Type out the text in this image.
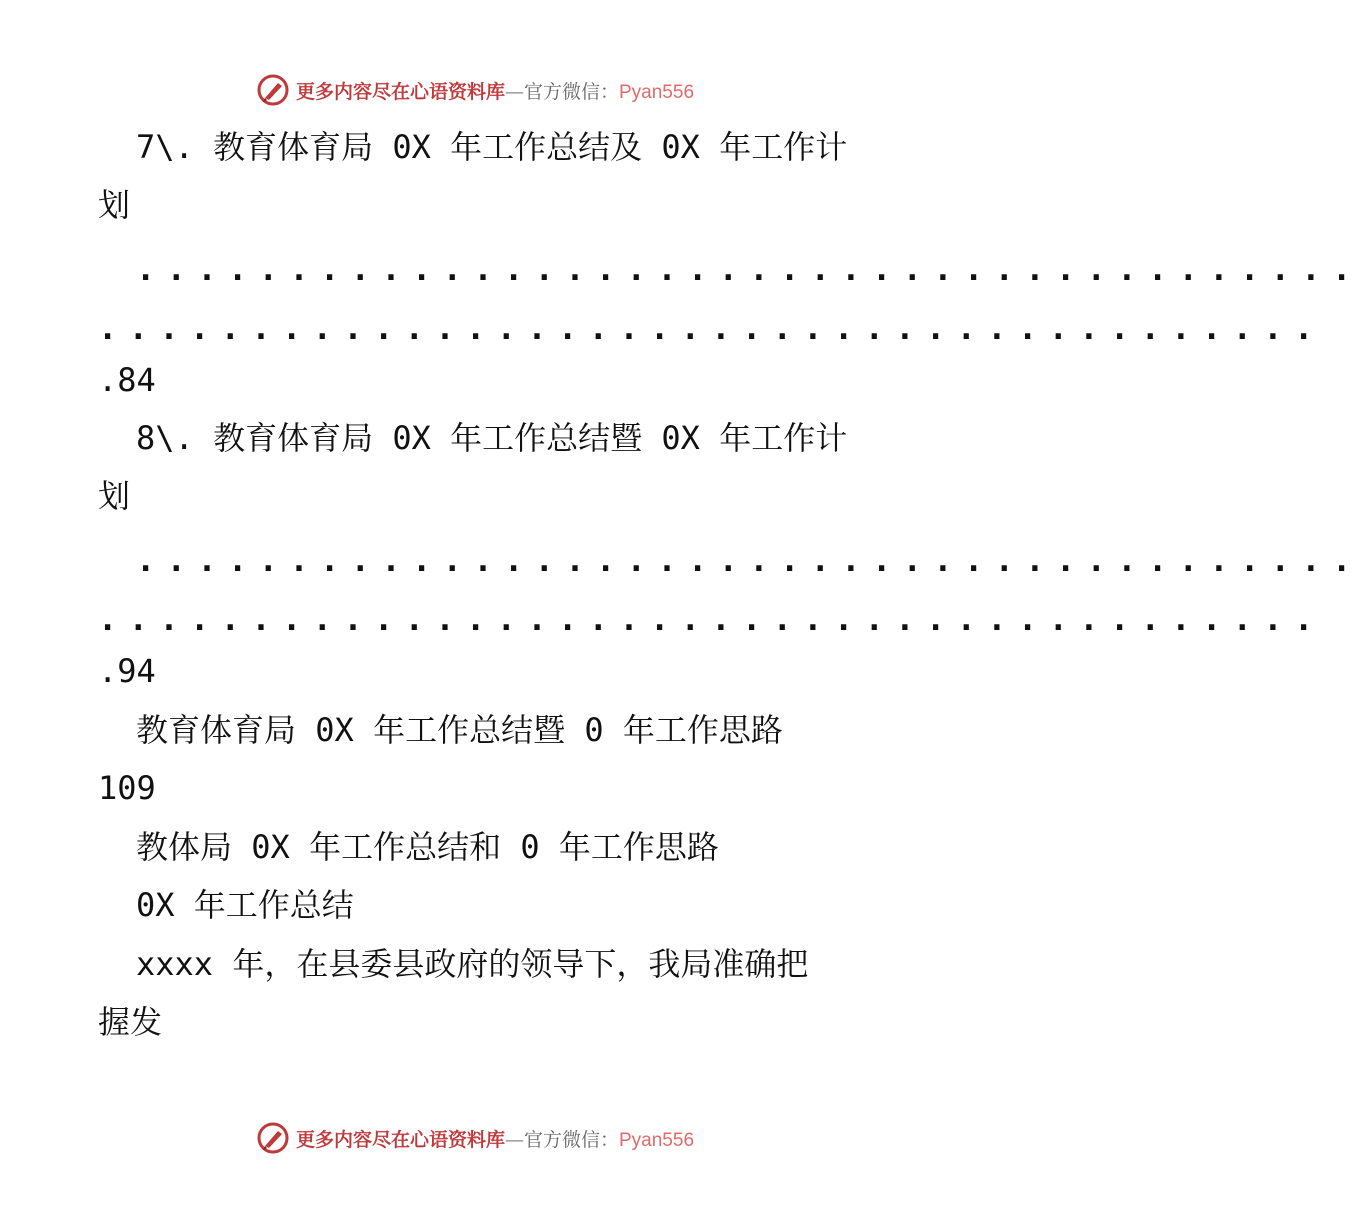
更多内容尽在心语资料库—官方微信：Pyan556
7\. 教育体育局 0X 年工作总结及 0X 年工作计
划
........................................
........................................
.84
8\. 教育体育局 0X 年工作总结暨 0X 年工作计
划
........................................
........................................
.94
教育体育局 0X 年工作总结暨 0 年工作思路
109
教体局 0X 年工作总结和 0 年工作思路
0X 年工作总结
xxxx 年，在县委县政府的领导下，我局准确把
握发
更多内容尽在心语资料库—官方微信：Pyan556
